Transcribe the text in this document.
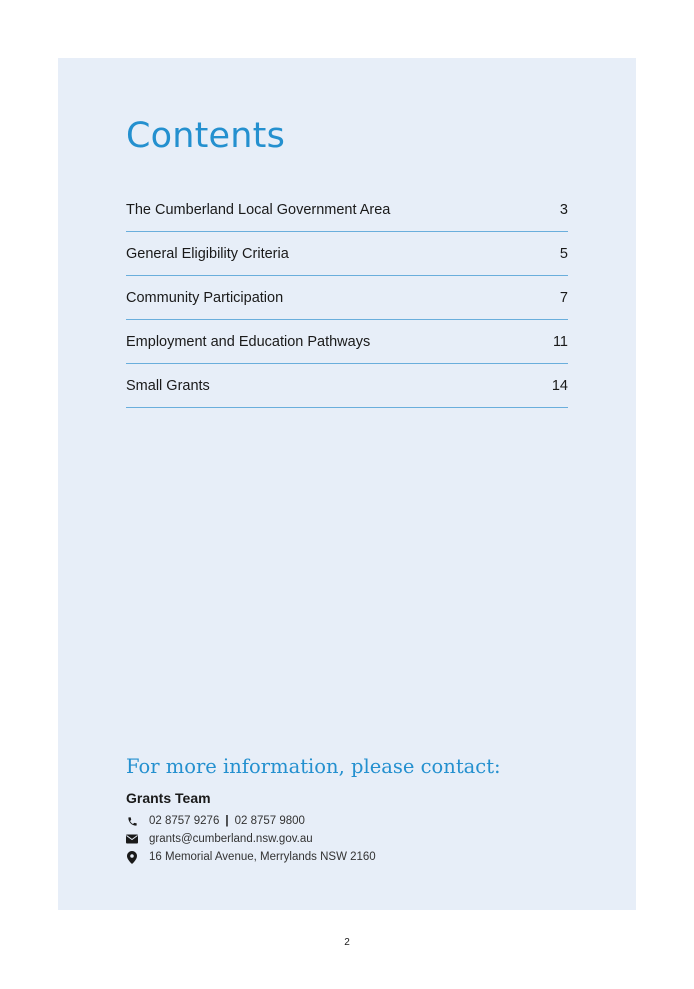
Contents
The Cumberland Local Government Area	3
General Eligibility Criteria	5
Community Participation	7
Employment and Education Pathways	11
Small Grants	14
For more information, please contact:
Grants Team
02 8757 9276 | 02 8757 9800
grants@cumberland.nsw.gov.au
16 Memorial Avenue, Merrylands NSW 2160
2
